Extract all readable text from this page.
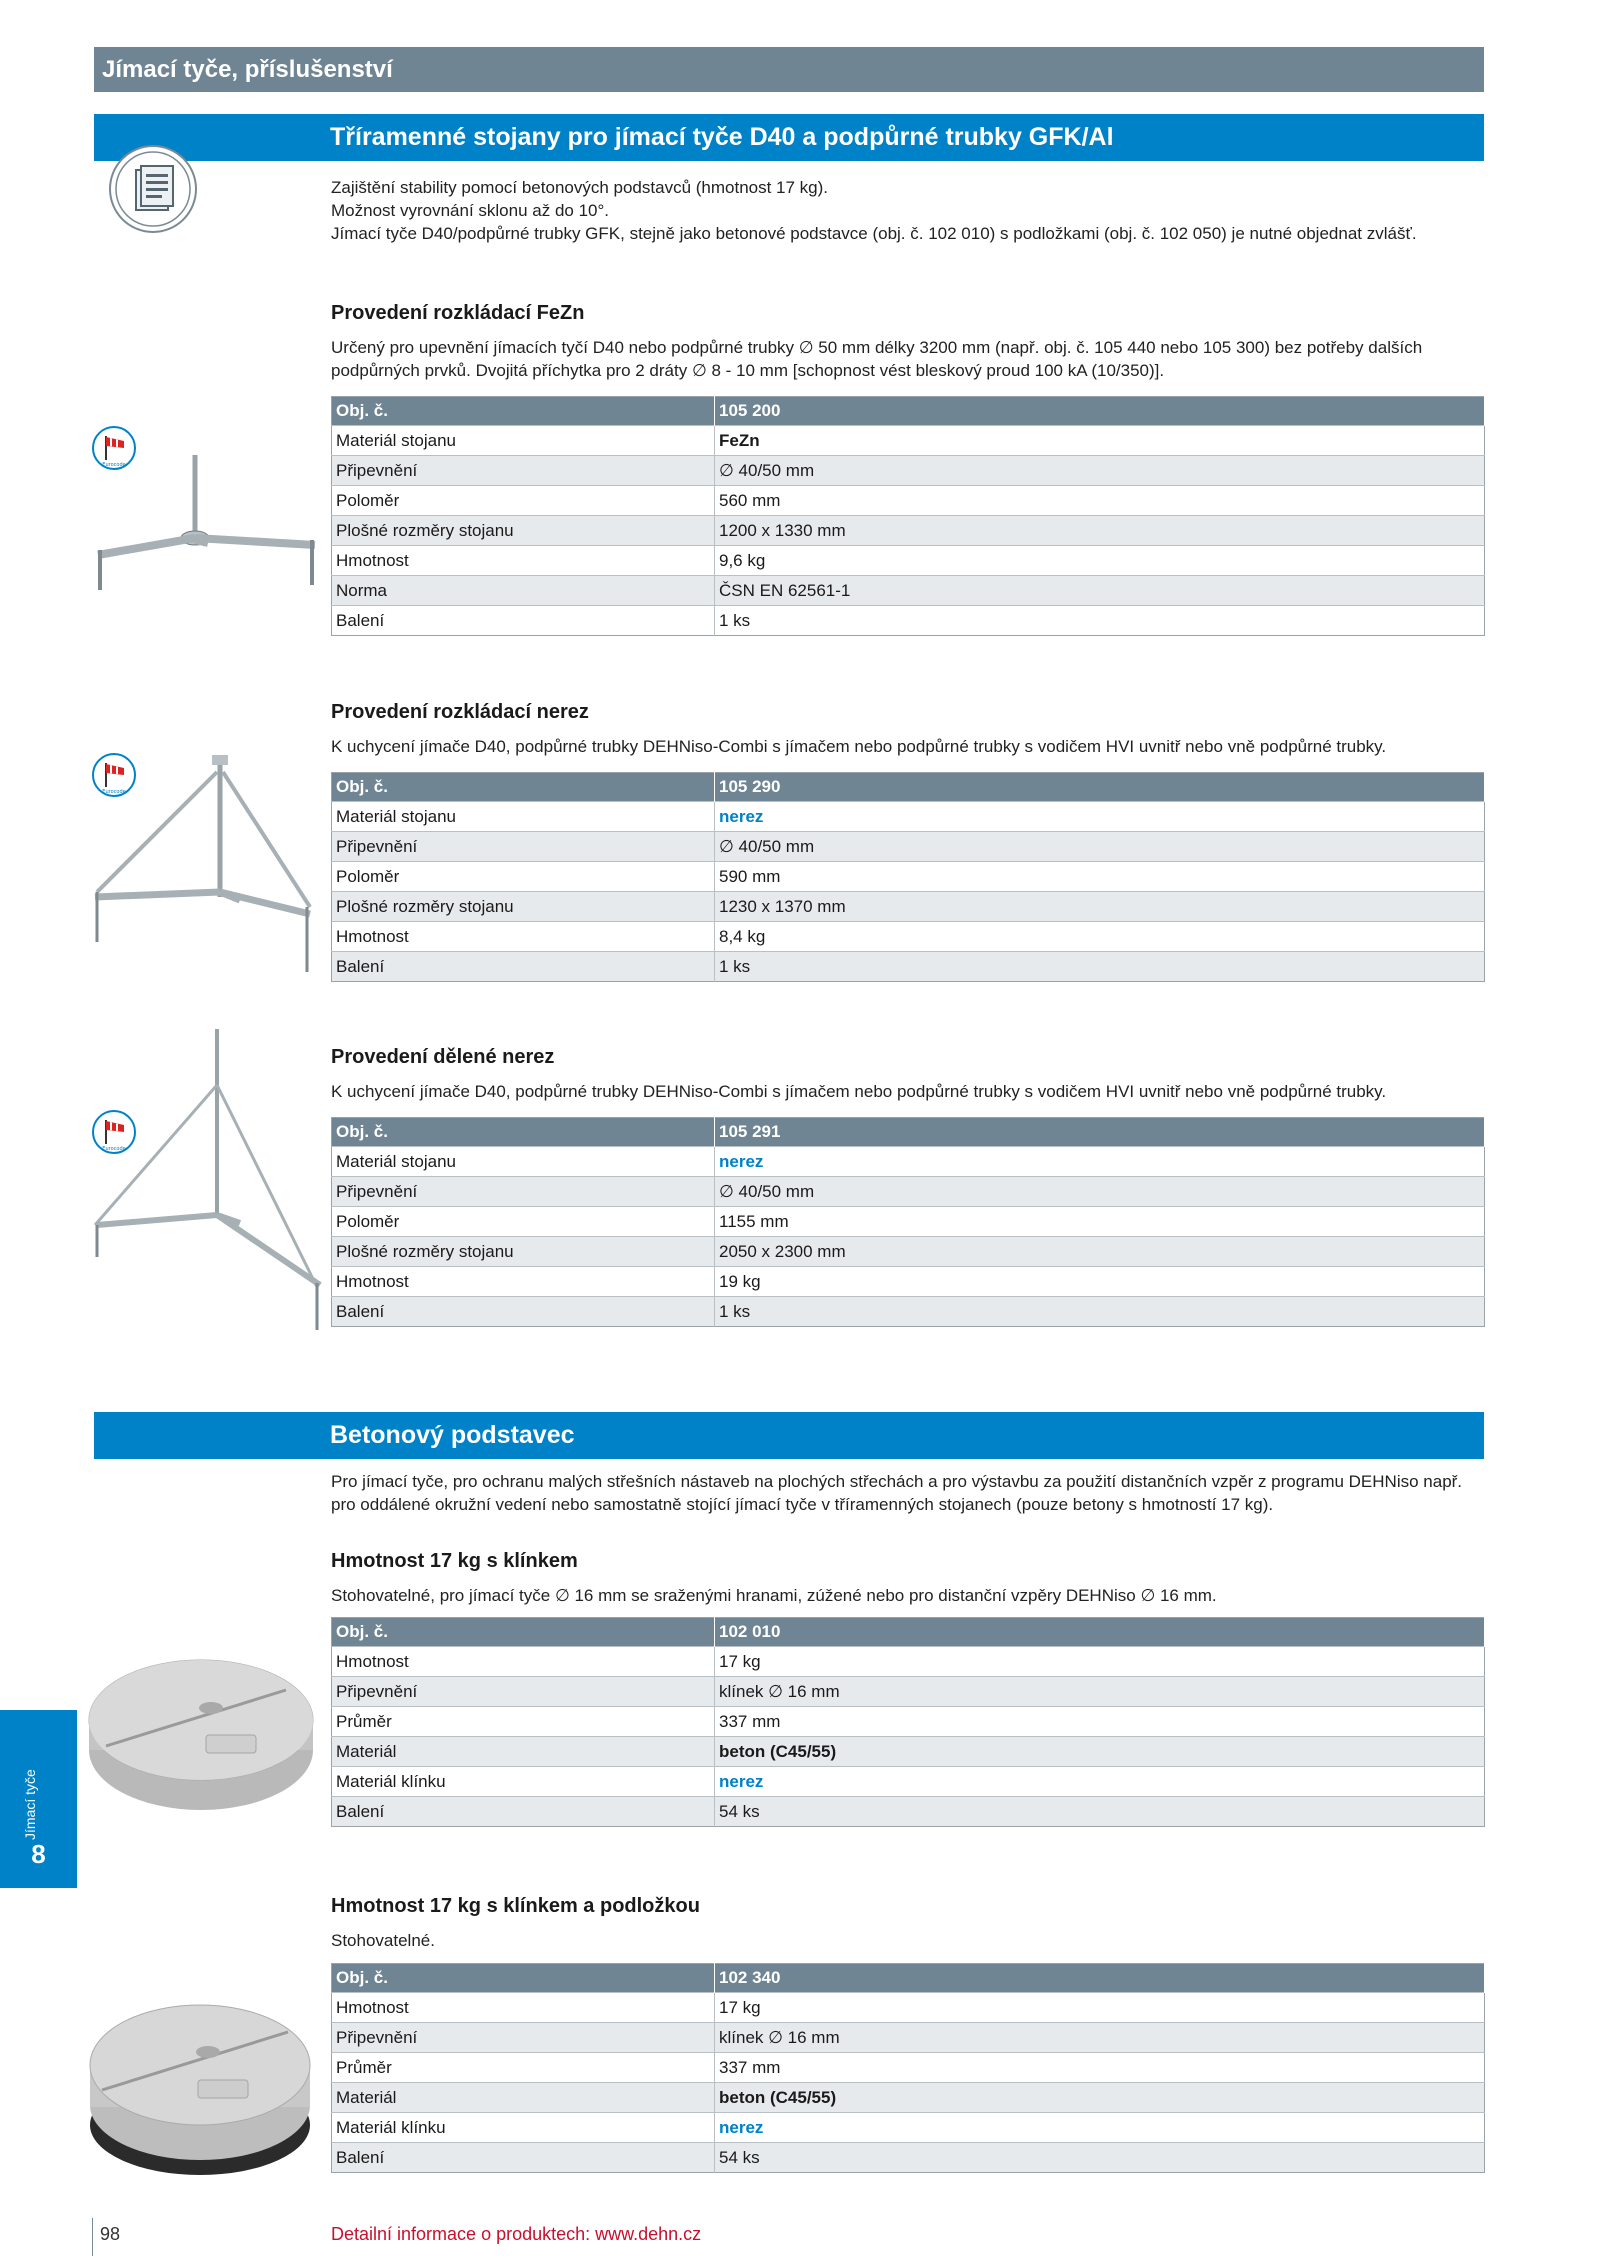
Jímací tyče, příslušenství
Tříramenné stojany pro jímací tyče D40 a podpůrné trubky GFK/Al
Zajištění stability pomocí betonových podstavců (hmotnost 17 kg).
Možnost vyrovnání sklonu až do 10°.
Jímací tyče D40/podpůrné trubky GFK, stejně jako betonové podstavce (obj. č. 102 010) s podložkami (obj. č. 102 050) je nutné objednat zvlášť.
Provedení rozkládací FeZn
Určený pro upevnění jímacích tyčí D40 nebo podpůrné trubky ∅ 50 mm délky 3200 mm (např. obj. č. 105 440 nebo 105 300) bez potřeby dalších podpůrných prvků. Dvojitá příchytka pro 2 dráty ∅ 8 - 10 mm [schopnost vést bleskový proud 100 kA (10/350)].
Eurocode
Obj. č.	105 200
Materiál stojanu	FeZn
Připevnění	∅ 40/50 mm
Poloměr	560 mm
Plošné rozměry stojanu	1200 x 1330 mm
Hmotnost	9,6 kg
Norma	ČSN EN 62561-1
Balení	1 ks
Provedení rozkládací nerez
K uchycení jímače D40, podpůrné trubky DEHNiso-Combi s jímačem nebo podpůrné trubky s vodičem HVI uvnitř nebo vně podpůrné trubky.
Eurocode	Obj. č.	105 290
Materiál stojanu	nerez
Připevnění	∅ 40/50 mm
Poloměr	590 mm
Plošné rozměry stojanu	1230 x 1370 mm
Hmotnost	8,4 kg
Balení	1 ks
Provedení dělené nerez
K uchycení jímače D40, podpůrné trubky DEHNiso-Combi s jímačem nebo podpůrné trubky s vodičem HVI uvnitř nebo vně podpůrné trubky.
Eurocode
Obj. č.	105 291
Materiál stojanu	nerez
Připevnění	∅ 40/50 mm
Poloměr	1155 mm
Plošné rozměry stojanu	2050 x 2300 mm
Hmotnost	19 kg
Balení	1 ks
Betonový podstavec
Pro jímací tyče, pro ochranu malých střešních nástaveb na plochých střechách a pro výstavbu za použití distančních vzpěr z programu DEHNiso např. pro oddálené okružní vedení nebo samostatně stojící jímací tyče v tříramenných stojanech (pouze betony s hmotností 17 kg).
Hmotnost 17 kg s klínkem
Stohovatelné, pro jímací tyče ∅ 16 mm se sraženými hranami, zúžené nebo pro distanční vzpěry DEHNiso ∅ 16 mm.
Obj. č.	102 010
Hmotnost	17 kg
Připevnění	klínek ∅ 16 mm
Průměr	337 mm
Materiál	beton (C45/55)
Materiál klínku	nerez
Balení	54 ks
Hmotnost 17 kg s klínkem a podložkou
Stohovatelné.
Obj. č.	102 340
Hmotnost	17 kg
Připevnění	klínek ∅ 16 mm
Průměr	337 mm
Materiál	beton (C45/55)
Materiál klínku	nerez
Balení	54 ks
Jímací tyče
8
98	Detailní informace o produktech: www.dehn.cz
